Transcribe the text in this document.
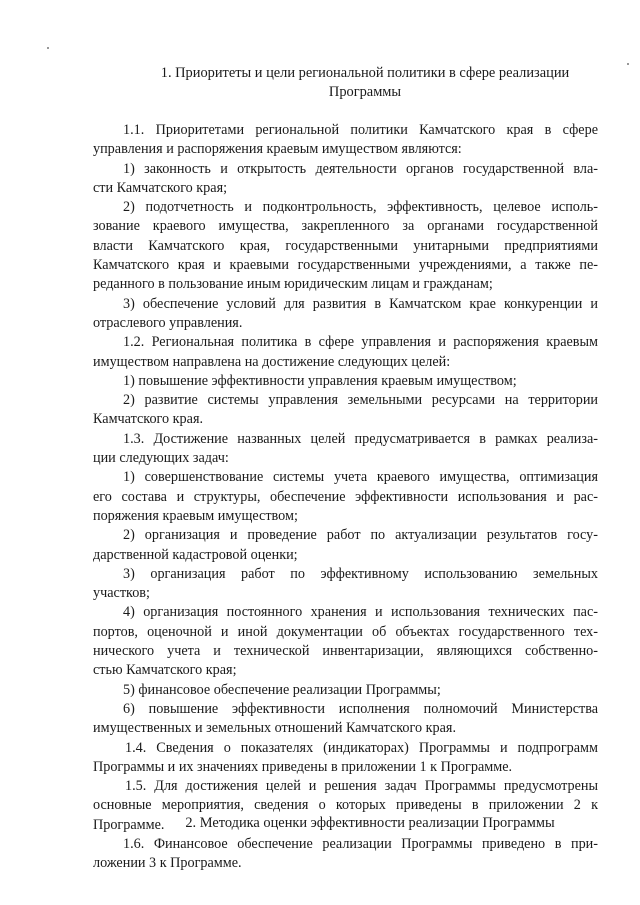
1. Приоритеты и цели региональной политики в сфере реализации
Программы
1.1. Приоритетами региональной политики Камчатского края в сфере
управления и распоряжения краевым имуществом являются:
1) законность и открытость деятельности органов государственной вла-
сти Камчатского края;
2) подотчетность и подконтрольность, эффективность, целевое исполь-
зование краевого имущества, закрепленного за органами государственной
власти Камчатского края, государственными унитарными предприятиями
Камчатского края и краевыми государственными учреждениями, а также пе-
реданного в пользование иным юридическим лицам и гражданам;
3) обеспечение условий для развития в Камчатском крае конкуренции и
отраслевого управления.
1.2. Региональная политика в сфере управления и распоряжения краевым
имуществом направлена на достижение следующих целей:
1) повышение эффективности управления краевым имуществом;
2) развитие системы управления земельными ресурсами на территории
Камчатского края.
1.3. Достижение названных целей предусматривается в рамках реализа-
ции следующих задач:
1) совершенствование системы учета краевого имущества, оптимизация
его состава и структуры, обеспечение эффективности использования и рас-
поряжения краевым имуществом;
2) организация и проведение работ по актуализации результатов госу-
дарственной кадастровой оценки;
3) организация работ по эффективному использованию земельных
участков;
4) организация постоянного хранения и использования технических пас-
портов, оценочной и иной документации об объектах государственного тех-
нического учета и технической инвентаризации, являющихся собственно-
стью Камчатского края;
5) финансовое обеспечение реализации Программы;
6) повышение эффективности исполнения полномочий Министерства
имущественных и земельных отношений Камчатского края.
1.4. Сведения о показателях (индикаторах) Программы и подпрограмм
Программы и их значениях приведены в приложении 1 к Программе.
1.5. Для достижения целей и решения задач Программы предусмотрены
основные мероприятия, сведения о которых приведены в приложении 2 к
Программе.
1.6. Финансовое обеспечение реализации Программы приведено в при-
ложении 3 к Программе.
2. Методика оценки эффективности реализации Программы
